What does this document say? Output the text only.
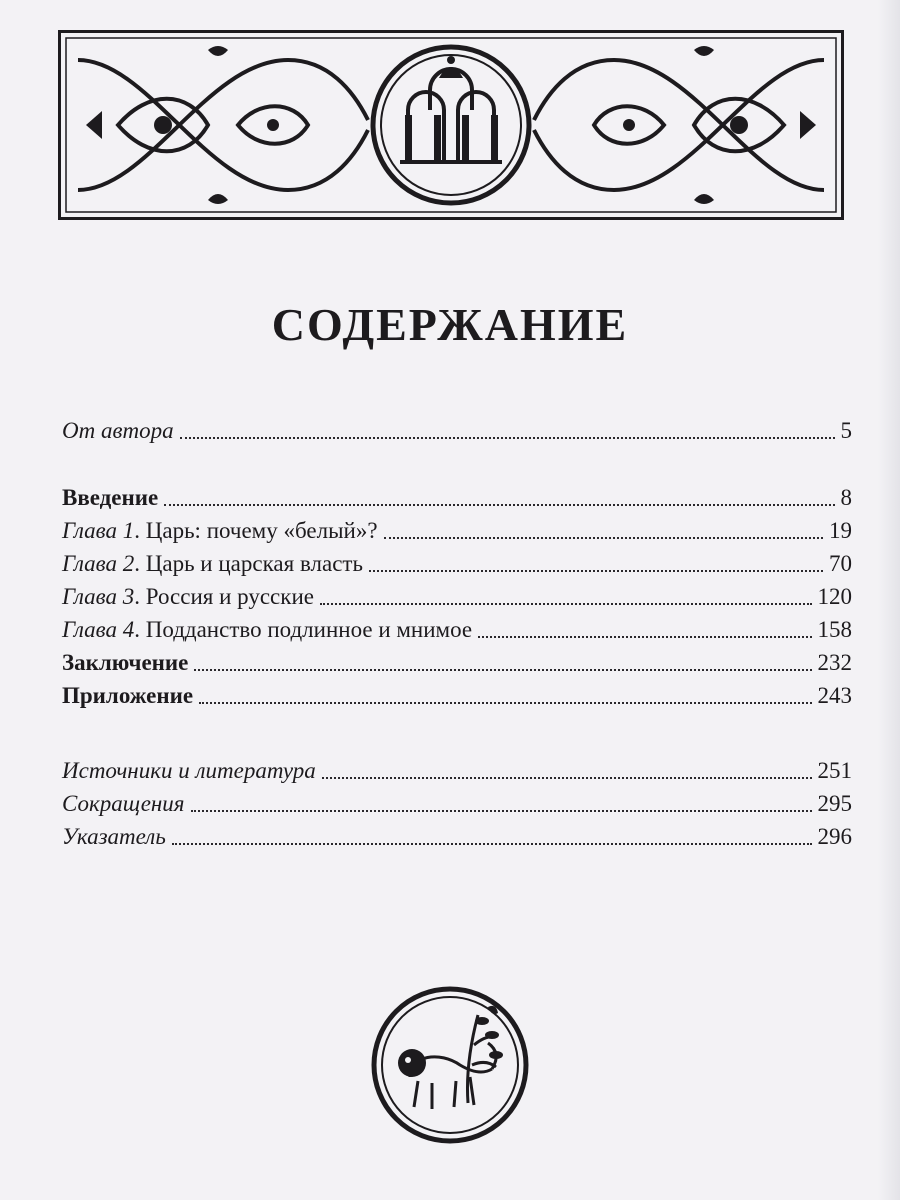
СОДЕРЖАНИЕ
От автора	5
Введение	8
Глава 1. Царь: почему «белый»?	19
Глава 2. Царь и царская власть	70
Глава 3. Россия и русские	120
Глава 4. Подданство подлинное и мнимое	158
Заключение	232
Приложение	243
Источники и литература	251
Сокращения	295
Указатель	296
